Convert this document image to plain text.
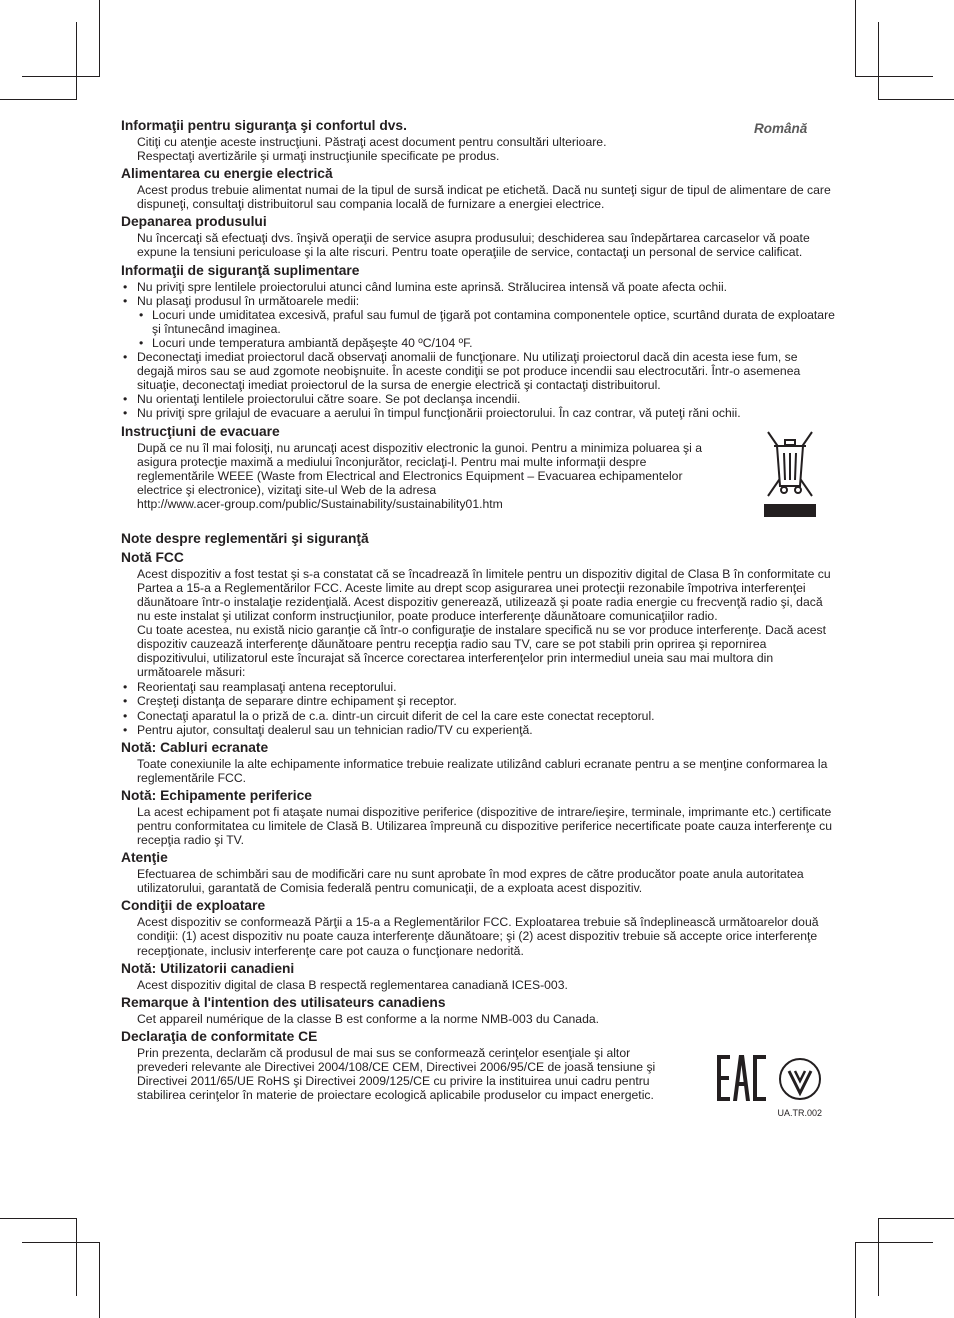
Română
Informaţii pentru siguranţa şi confortul dvs.
Citiţi cu atenţie aceste instrucţiuni. Păstraţi acest document pentru consultări ulterioare.
Respectaţi avertizările şi urmaţi instrucţiunile specificate pe produs.
Alimentarea cu energie electrică
Acest produs trebuie alimentat numai de la tipul de sursă indicat pe etichetă. Dacă nu sunteţi sigur de tipul de alimentare de care dispuneţi, consultaţi distribuitorul sau compania locală de furnizare a energiei electrice.
Depanarea produsului
Nu încercaţi să efectuaţi dvs. înşivă operaţii de service asupra produsului; deschiderea sau îndepărtarea carcaselor vă poate expune la tensiuni periculoase şi la alte riscuri. Pentru toate operaţiile de service, contactaţi un personal de service calificat.
Informaţii de siguranţă suplimentare
• Nu priviţi spre lentilele proiectorului atunci când lumina este aprinsă. Strălucirea intensă vă poate afecta ochii.
• Nu plasaţi produsul în următoarele medii:
• Locuri unde umiditatea excesivă, praful sau fumul de ţigară pot contamina componentele optice, scurtând durata de exploatare şi întunecând imaginea.
• Locuri unde temperatura ambiantă depăşeşte 40 ºC/104 ºF.
• Deconectaţi imediat proiectorul dacă observaţi anomalii de funcţionare. Nu utilizaţi proiectorul dacă din acesta iese fum, se degajă miros sau se aud zgomote neobişnuite. În aceste condiţii se pot produce incendii sau electrocutări. Într-o asemenea situaţie, deconectaţi imediat proiectorul de la sursa de energie electrică şi contactaţi distribuitorul.
• Nu orientaţi lentilele proiectorului către soare. Se pot declanşa incendii.
• Nu priviţi spre grilajul de evacuare a aerului în timpul funcţionării proiectorului. În caz contrar, vă puteţi răni ochii.
Instrucţiuni de evacuare
După ce nu îl mai folosiţi, nu aruncaţi acest dispozitiv electronic la gunoi. Pentru a minimiza poluarea şi a asigura protecţie maximă a mediului înconjurător, reciclaţi-l. Pentru mai multe informaţii despre reglementările WEEE (Waste from Electrical and Electronics Equipment – Evacuarea echipamentelor electrice şi electronice), vizitaţi site-ul Web de la adresa
http://www.acer-group.com/public/Sustainability/sustainability01.htm
Note despre reglementări şi siguranţă
Notă FCC
Acest dispozitiv a fost testat şi s-a constatat că se încadrează în limitele pentru un dispozitiv digital de Clasa B în conformitate cu Partea a 15-a a Reglementărilor FCC. Aceste limite au drept scop asigurarea unei protecţii rezonabile împotriva interferenţei dăunătoare într-o instalaţie rezidenţială. Acest dispozitiv generează, utilizează şi poate radia energie cu frecvenţă radio şi, dacă nu este instalat şi utilizat conform instrucţiunilor, poate produce interferenţe dăunătoare comunicaţiilor radio.
Cu toate acestea, nu există nicio garanţie că într-o configuraţie de instalare specifică nu se vor produce interferenţe. Dacă acest dispozitiv cauzează interferenţe dăunătoare pentru recepţia radio sau TV, care se pot stabili prin oprirea şi repornirea dispozitivului, utilizatorul este încurajat să încerce corectarea interferenţelor prin intermediul uneia sau mai multora din următoarele măsuri:
• Reorientaţi sau reamplasaţi antena receptorului.
• Creşteţi distanţa de separare dintre echipament şi receptor.
• Conectaţi aparatul la o priză de c.a. dintr-un circuit diferit de cel la care este conectat receptorul.
• Pentru ajutor, consultaţi dealerul sau un tehnician radio/TV cu experienţă.
Notă: Cabluri ecranate
Toate conexiunile la alte echipamente informatice trebuie realizate utilizând cabluri ecranate pentru a se menţine conformarea la reglementările FCC.
Notă: Echipamente periferice
La acest echipament pot fi ataşate numai dispozitive periferice (dispozitive de intrare/ieşire, terminale, imprimante etc.) certificate pentru conformitatea cu limitele de Clasă B. Utilizarea împreună cu dispozitive periferice necertificate poate cauza interferenţe cu recepţia radio şi TV.
Atenţie
Efectuarea de schimbări sau de modificări care nu sunt aprobate în mod expres de către producător poate anula autoritatea utilizatorului, garantată de Comisia federală pentru comunicaţii, de a exploata acest dispozitiv.
Condiţii de exploatare
Acest dispozitiv se conformează Părţii a 15-a a Reglementărilor FCC. Exploatarea trebuie să îndeplinească următoarelor două condiţii: (1) acest dispozitiv nu poate cauza interferenţe dăunătoare; şi (2) acest dispozitiv trebuie să accepte orice interferenţe recepţionate, inclusiv interferenţe care pot cauza o funcţionare nedorită.
Notă: Utilizatorii canadieni
Acest dispozitiv digital de clasa B respectă reglementarea canadiană ICES-003.
Remarque à l'intention des utilisateurs canadiens
Cet appareil numérique de la classe B est conforme a la norme NMB-003 du Canada.
Declaraţia de conformitate CE
Prin prezenta, declarăm că produsul de mai sus se conformează cerinţelor esenţiale şi altor prevederi relevante ale Directivei 2004/108/CE CEM, Directivei 2006/95/CE de joasă tensiune şi Directivei 2011/65/UE RoHS şi Directivei 2009/125/CE cu privire la instituirea unui cadru pentru stabilirea cerinţelor în materie de proiectare ecologică aplicabile produselor cu impact energetic.
UA.TR.002
